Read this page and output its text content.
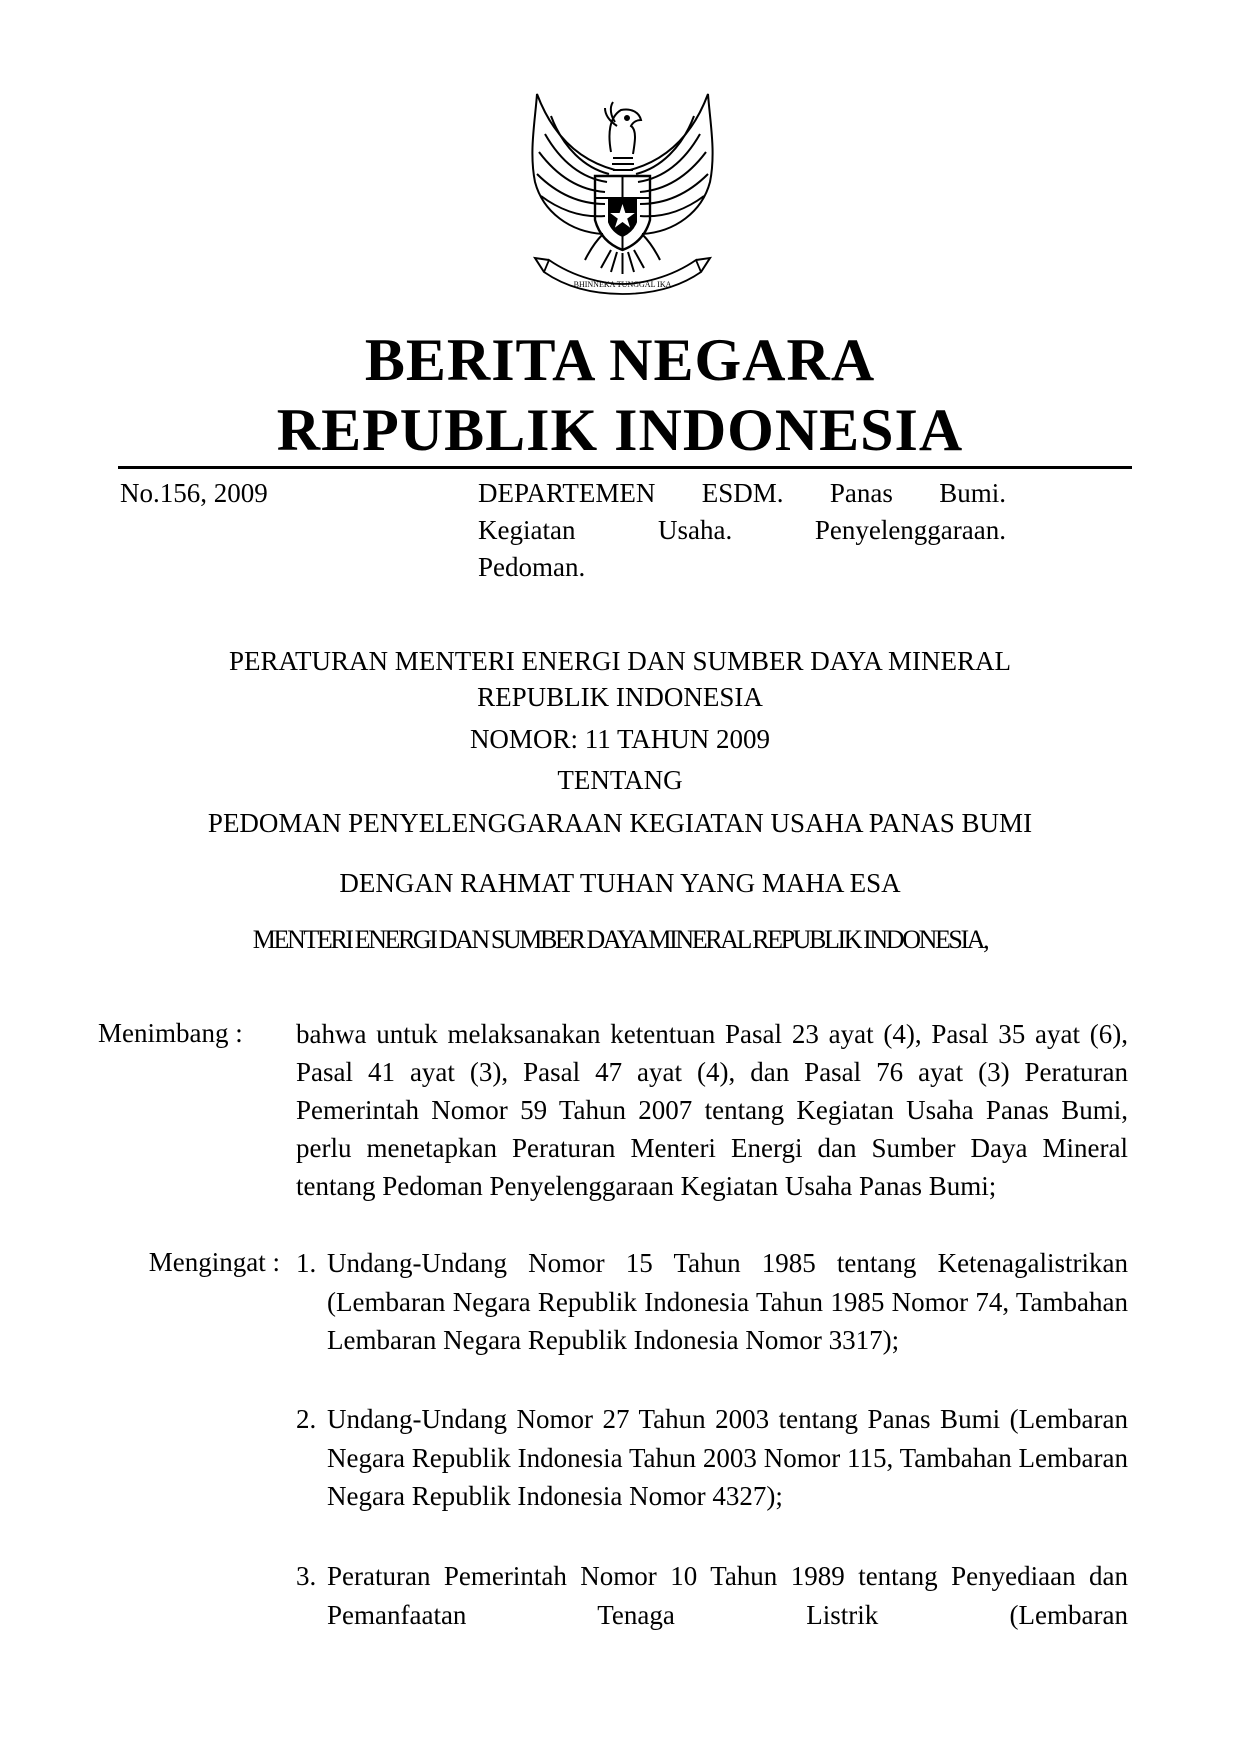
BHINNEKA TUNGGAL IKA
BERITA NEGARA
REPUBLIK INDONESIA
No.156, 2009	DEPARTEMEN ESDM. Panas Bumi.
Kegiatan Usaha. Penyelenggaraan.
Pedoman.
PERATURAN MENTERI ENERGI DAN SUMBER DAYA MINERAL
REPUBLIK INDONESIA
NOMOR: 11 TAHUN 2009
TENTANG
PEDOMAN PENYELENGGARAAN KEGIATAN USAHA PANAS BUMI
DENGAN RAHMAT TUHAN YANG MAHA ESA
MENTERI ENERGI DAN SUMBER DAYA MINERAL REPUBLIK INDONESIA,
Menimbang :	bahwa untuk melaksanakan ketentuan Pasal 23 ayat (4), Pasal 35 ayat (6), Pasal 41 ayat (3), Pasal 47 ayat (4), dan Pasal 76 ayat (3) Peraturan Pemerintah Nomor 59 Tahun 2007 tentang Kegiatan Usaha Panas Bumi, perlu menetapkan Peraturan Menteri Energi dan Sumber Daya Mineral tentang Pedoman Penyelenggaraan Kegiatan Usaha Panas Bumi;
Mengingat : 1. Undang-Undang Nomor 15 Tahun 1985 tentang Ketenagalistrikan (Lembaran Negara Republik Indonesia Tahun 1985 Nomor 74, Tambahan Lembaran Negara Republik Indonesia Nomor 3317);
2. Undang-Undang Nomor 27 Tahun 2003 tentang Panas Bumi (Lembaran Negara Republik Indonesia Tahun 2003 Nomor 115, Tambahan Lembaran Negara Republik Indonesia Nomor 4327);
3. Peraturan Pemerintah Nomor 10 Tahun 1989 tentang Penyediaan dan Pemanfaatan Tenaga Listrik (Lembaran
